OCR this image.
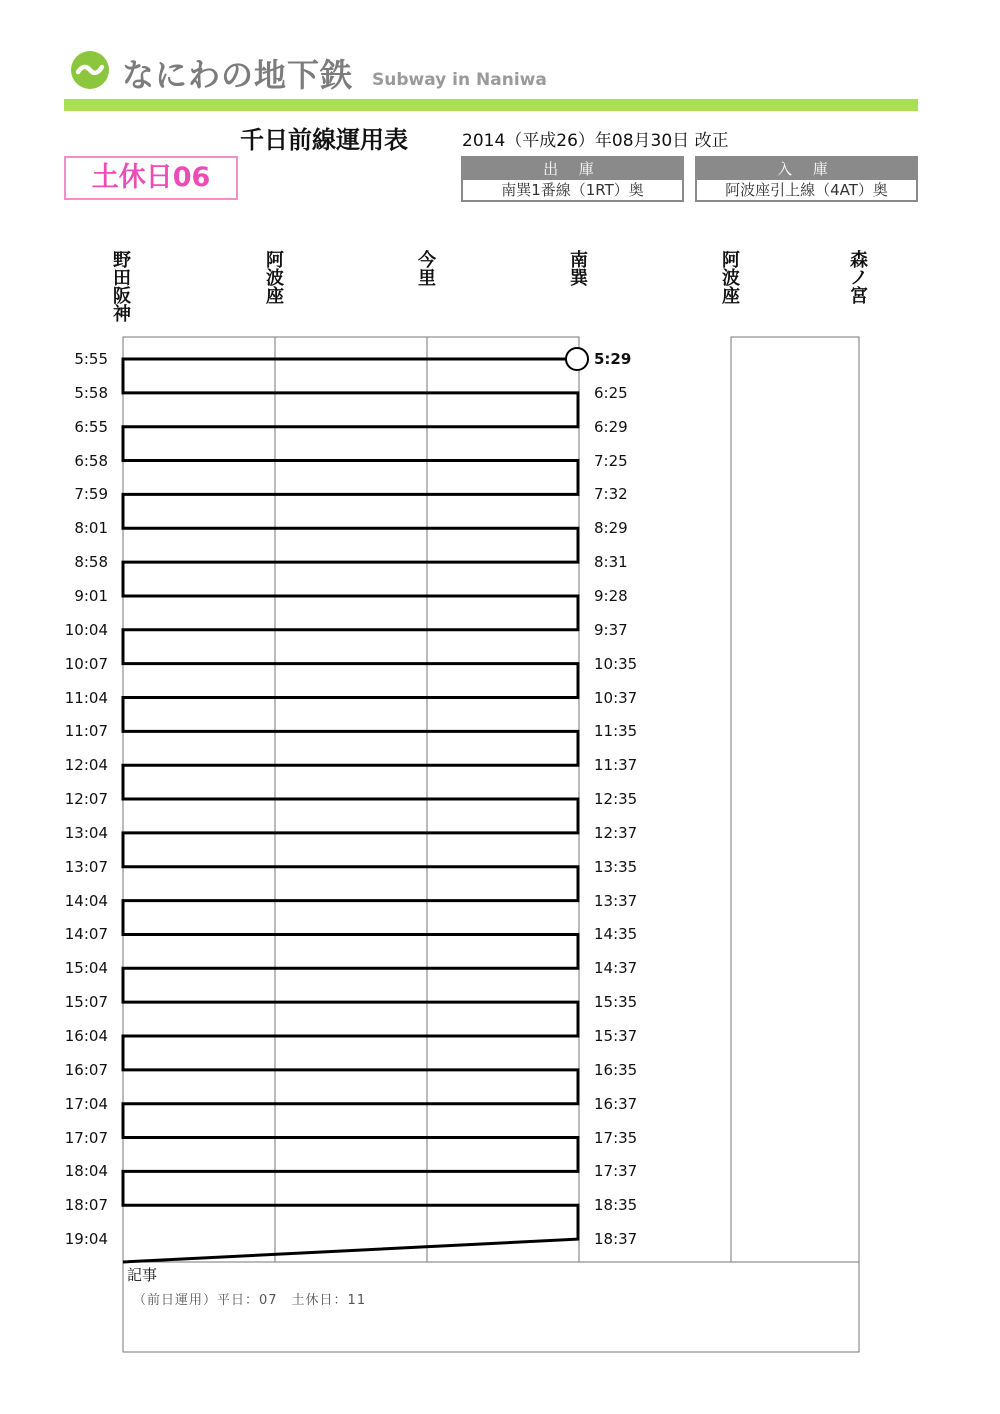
なにわの地下鉄 Subway in Naniwa
千日前線運用表	2014（平成26）年08月30日 改正
土休日06	出 庫
南巽1番線（1RT）奥
入 庫
阿波座引上線（4AT）奥
野
田
阪
神
阿
波
座
今
里
南
巽
阿
波
座
森
ノ
宮
5:55
5:58
6:55
6:58
7:59
8:01
8:58
9:01
10:04
10:07
11:04
11:07
12:04
12:07
13:04
13:07
14:04
14:07
15:04
15:07
16:04
16:07
17:04
17:07
18:04
18:07
19:04
5:29
6:25
6:29
7:25
7:32
8:29
8:31
9:28
9:37
10:35
10:37
11:35
11:37
12:35
12:37
13:35
13:37
14:35
14:37
15:35
15:37
16:35
16:37
17:35
17:37
18:35
18:37
記事
（前日運用）平日：07　土休日：11
